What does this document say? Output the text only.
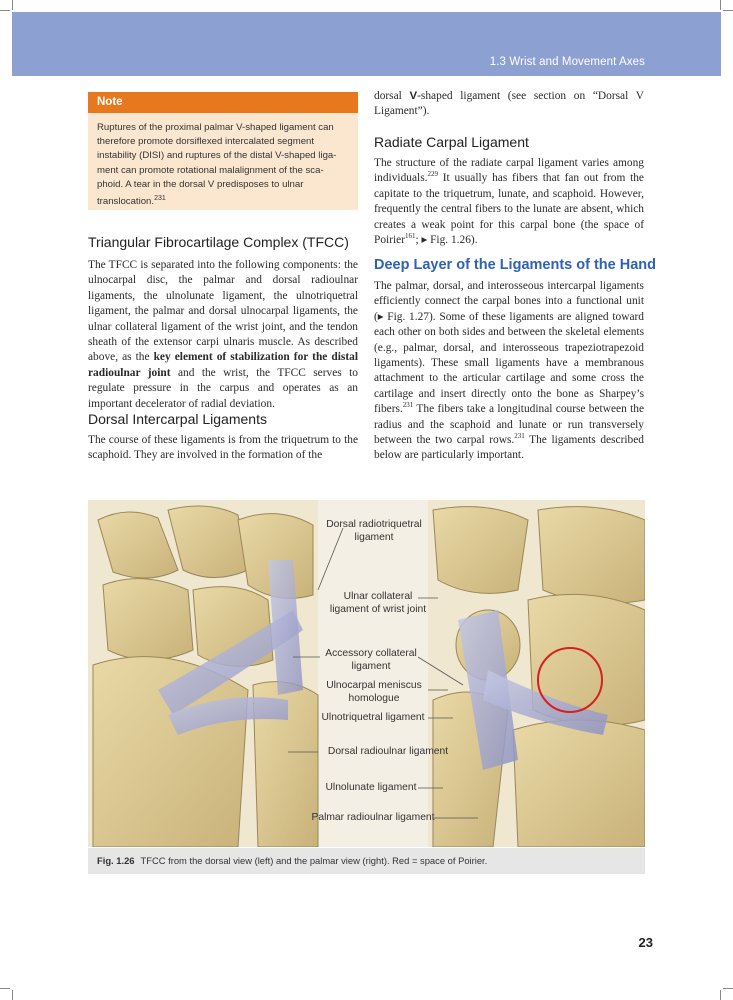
1.3 Wrist and Movement Axes
Note
Ruptures of the proximal palmar V-shaped ligament can
therefore promote dorsiflexed intercalated segment
instability (DISI) and ruptures of the distal V-shaped liga-
ment can promote rotational malalignment of the sca-
phoid. A tear in the dorsal V predisposes to ulnar
translocation.$^{231}$
Triangular Fibrocartilage Complex (TFCC)

The TFCC is separated into the following components: the ulnocarpal disc, the palmar and dorsal radioulnar ligaments, the ulnolunate ligament, the ulnotriquetral ligament, the palmar and dorsal ulnocarpal ligaments, the ulnar collateral ligament of the wrist joint, and the tendon sheath of the extensor carpi ulnaris muscle. As described above, as the key element of stabilization for the distal radioulnar joint and the wrist, the TFCC serves to regulate pressure in the carpus and operates as an important decelerator of radial deviation.

Dorsal Intercarpal Ligaments

The course of these ligaments is from the triquetrum to the scaphoid. They are involved in the formation of the

dorsal V-shaped ligament (see section on “Dorsal V Ligament”).

Radiate Carpal Ligament

The structure of the radiate carpal ligament varies among individuals.$^{229}$ It usually has fibers that fan out from the capitate to the triquetrum, lunate, and scaphoid. However, frequently the central fibers to the lunate are absent, which creates a weak point for this carpal bone (the space of Poirier$^{161}$; ▸ Fig. 1.26).

Deep Layer of the Ligaments of the Hand

The palmar, dorsal, and interosseous intercarpal ligaments efficiently connect the carpal bones into a functional unit (▸ Fig. 1.27). Some of these ligaments are aligned toward each other on both sides and between the skeletal elements (e.g., palmar, dorsal, and interosseous trapeziotrapezoid ligaments). These small ligaments have a membranous attachment to the articular cartilage and some cross the cartilage and insert directly onto the bone as Sharpey’s fibers.$^{231}$ The fibers take a longitudinal course between the radius and the scaphoid and lunate or run transversely between the two carpal rows.$^{231}$ The ligaments described below are particularly important.

Dorsal radiotriquetral ligament
Ulnar collateral ligament of wrist joint
Accessory collateral ligament
Ulnocarpal meniscus homologue
Ulnotriquetral ligament
Dorsal radioulnar ligament
Ulnolunate ligament
Palmar radioulnar ligament
Fig. 1.26 TFCC from the dorsal view (left) and the palmar view (right). Red = space of Poirier.
23
